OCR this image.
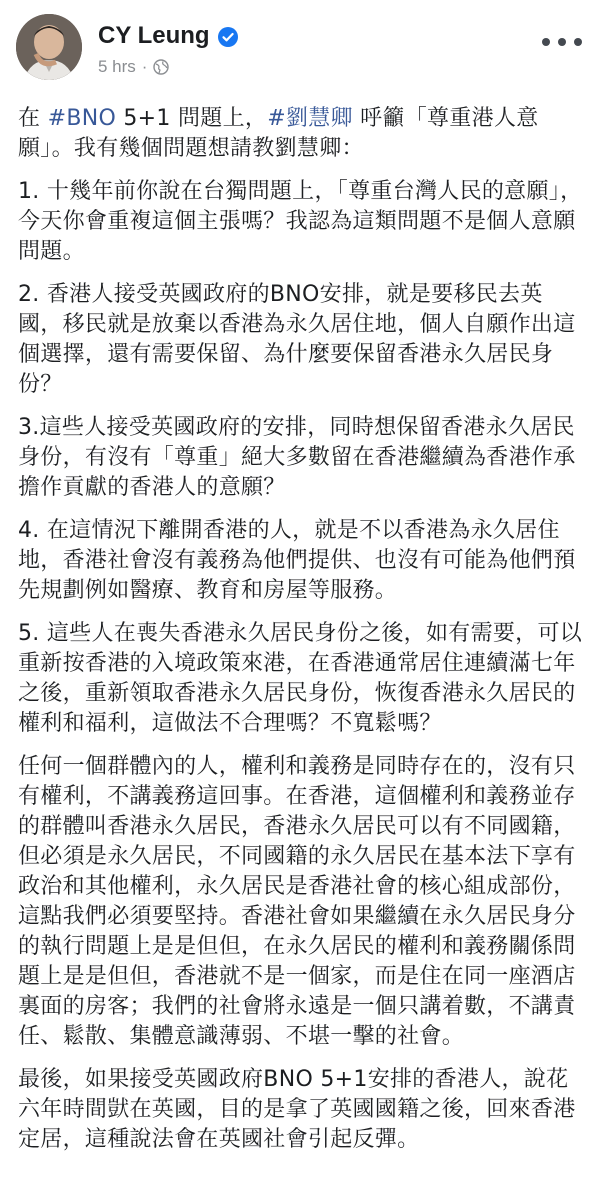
CY Leung
5 hrs ·

在 #BNO 5+1 問題上，#劉慧卿 呼籲「尊重港人意願」。我有幾個問題想請教劉慧卿：

1. 十幾年前你說在台獨問題上，「尊重台灣人民的意願」，今天你會重複這個主張嗎？我認為這類問題不是個人意願問題。

2. 香港人接受英國政府的BNO安排，就是要移民去英國，移民就是放棄以香港為永久居住地，個人自願作出這個選擇，還有需要保留、為什麼要保留香港永久居民身份？

3.這些人接受英國政府的安排，同時想保留香港永久居民身份，有沒有「尊重」絕大多數留在香港繼續為香港作承擔作貢獻的香港人的意願？

4. 在這情況下離開香港的人，就是不以香港為永久居住地，香港社會沒有義務為他們提供、也沒有可能為他們預先規劃例如醫療、教育和房屋等服務。

5. 這些人在喪失香港永久居民身份之後，如有需要，可以重新按香港的入境政策來港，在香港通常居住連續滿七年之後，重新領取香港永久居民身份，恢復香港永久居民的權利和福利，這做法不合理嗎？不寬鬆嗎？

任何一個群體內的人，權利和義務是同時存在的，沒有只有權利，不講義務這回事。在香港，這個權利和義務並存的群體叫香港永久居民，香港永久居民可以有不同國籍，但必須是永久居民，不同國籍的永久居民在基本法下享有政治和其他權利，永久居民是香港社會的核心組成部份，這點我們必須要堅持。香港社會如果繼續在永久居民身分的執行問題上是是但但，在永久居民的權利和義務關係問題上是是但但，香港就不是一個家，而是住在同一座酒店裏面的房客；我們的社會將永遠是一個只講着數，不講責任、鬆散、集體意識薄弱、不堪一擊的社會。

最後，如果接受英國政府BNO 5+1安排的香港人，說花六年時間獃在英國，目的是拿了英國國籍之後，回來香港定居，這種說法會在英國社會引起反彈。
